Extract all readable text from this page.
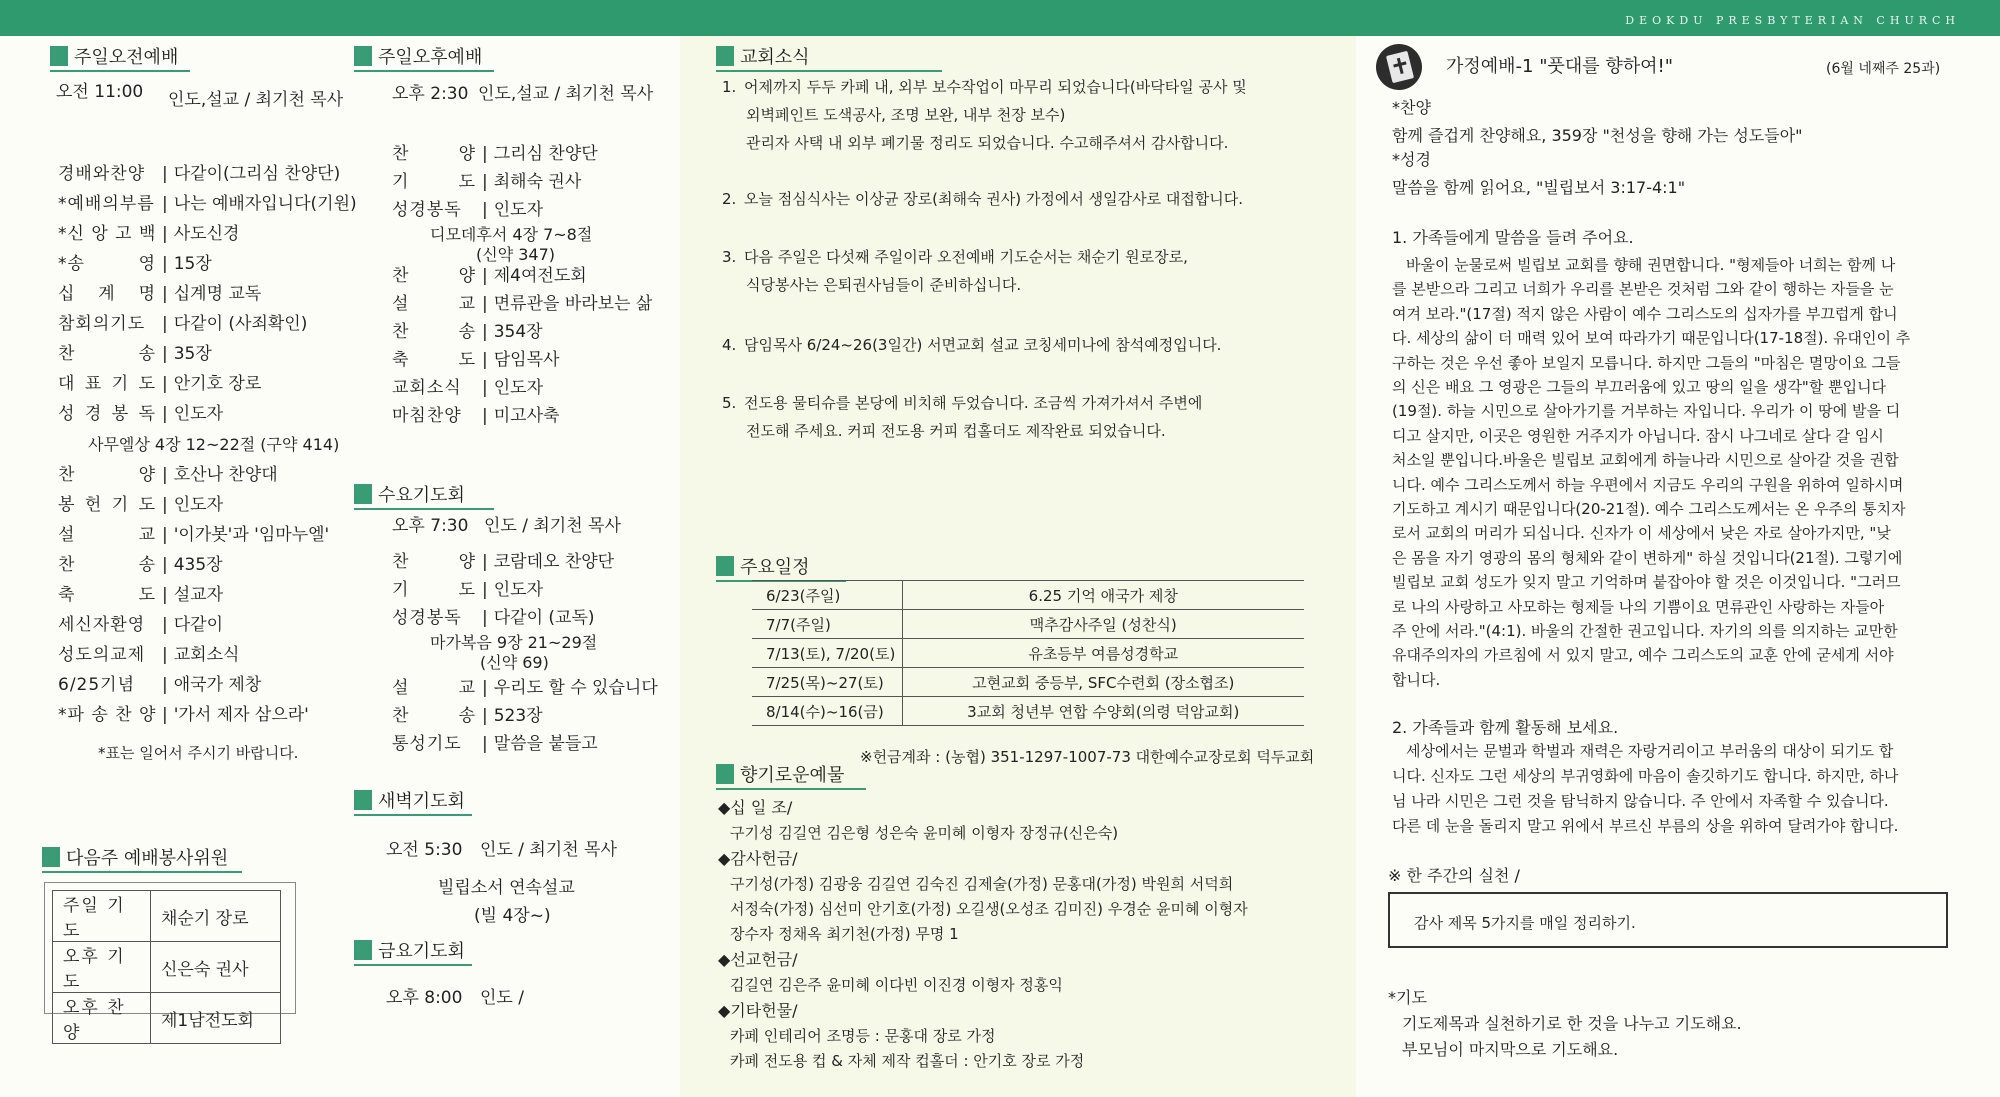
DEOKDU PRESBYTERIAN CHURCH
주일오전예배
오전 11:00 인도,설교 / 최기천 목사
경배와찬양 | 다같이(그리심 찬양단)
*예배의부름 | 나는 예배자입니다(기원)
*신 앙 고 백 | 사도신경
*송 영 | 15장
십 계 명 | 십계명 교독
참회의기도 | 다같이 (사죄확인)
찬 송 | 35장
대 표 기 도 | 안기호 장로
성 경 봉 독 | 인도자
사무엘상 4장 12~22절 (구약 414)
찬 양 | 호산나 찬양대
봉 헌 기 도 | 인도자
설 교 | '이가봇'과 '임마누엘'
찬 송 | 435장
축 도 | 설교자
세신자환영 | 다같이
성도의교제 | 교회소식
6/25기념	| 애국가 제창
*파 송 찬 양 | '가서 제자 삼으라'
*표는 일어서 주시기 바랍니다.
주일오후예배
오후 2:30 인도,설교 / 최기천 목사
찬 양 | 그리심 찬양단
기 도 | 최해숙 권사
성경봉독	| 인도자
디모데후서 4장 7~8절
(신약 347)
찬 양 | 제4여전도회
설 교 | 면류관을 바라보는 삶
찬 송 | 354장
축 도 | 담임목사
교회소식	| 인도자
마침찬양	| 미고사축
수요기도회
오후 7:30 인도 / 최기천 목사
찬 양 | 코람데오 찬양단
기 도 | 인도자
성경봉독	| 다같이 (교독)
마가복음 9장 21~29절
(신약 69)
설 교 | 우리도 할 수 있습니다
찬 송 | 523장
통성기도	| 말씀을 붙들고
새벽기도회
오전 5:30 인도 / 최기천 목사
빌립소서 연속설교
(빌 4장~)
금요기도회
오후 8:00 인도 /
다음주 예배봉사위원
주일 기도	채순기 장로
오후 기도	신은숙 권사
오후 찬양	제1남전도회
교회소식
1. 어제까지 두두 카페 내, 외부 보수작업이 마무리 되었습니다(바닥타일 공사 및
외벽페인트 도색공사, 조명 보완, 내부 천장 보수)
관리자 사택 내 외부 폐기물 정리도 되었습니다. 수고해주셔서 감사합니다.
2. 오늘 점심식사는 이상균 장로(최해숙 권사) 가정에서 생일감사로 대접합니다.
3. 다음 주일은 다섯째 주일이라 오전예배 기도순서는 채순기 원로장로,
식당봉사는 은퇴권사님들이 준비하십니다.
4. 담임목사 6/24~26(3일간) 서면교회 설교 코칭세미나에 참석예정입니다.
5. 전도용 물티슈를 본당에 비치해 두었습니다. 조금씩 가져가셔서 주변에
전도해 주세요. 커피 전도용 커피 컵홀더도 제작완료 되었습니다.
주요일정
6/23(주일)	6.25 기억 애국가 제창
7/7(주일)	맥추감사주일 (성찬식)
7/13(토), 7/20(토)	유초등부 여름성경학교
7/25(목)~27(토)	고현교회 중등부, SFC수련회 (장소협조)
8/14(수)~16(금)	3교회 청년부 연합 수양회(의령 덕암교회)
※헌금계좌 : (농협) 351-1297-1007-73 대한예수교장로회 덕두교회
향기로운예물
◆십 일 조/
구기성 김길연 김은형 성은숙 윤미혜 이형자 장정규(신은숙)
◆감사헌금/
구기성(가정) 김광웅 김길연 김숙진 김제술(가정) 문홍대(가정) 박원희 서덕희
서정숙(가정) 심선미 안기호(가정) 오길생(오성조 김미진) 우경순 윤미혜 이형자
장수자 정채옥 최기천(가정) 무명 1
◆선교헌금/
김길연 김은주 윤미혜 이다빈 이진경 이형자 정홍익
◆기타헌물/
카페 인테리어 조명등 : 문홍대 장로 가정
카페 전도용 컵 & 자체 제작 컵홀더 : 안기호 장로 가정
가정예배-1 "풋대를 향하여!"	(6월 네째주 25과)
*찬양
함께 즐겁게 찬양해요, 359장 "천성을 향해 가는 성도들아"
*성경
말씀을 함께 읽어요, "빌립보서 3:17-4:1"
1. 가족들에게 말씀을 들려 주어요.
바울이 눈물로써 빌립보 교회를 향해 권면합니다. "형제들아 너희는 함께 나
를 본받으라 그리고 너희가 우리를 본받은 것처럼 그와 같이 행하는 자들을 눈
여겨 보라."(17절) 적지 않은 사람이 예수 그리스도의 십자가를 부끄럽게 합니
다. 세상의 삶이 더 매력 있어 보여 따라가기 때문입니다(17-18절). 유대인이 추
구하는 것은 우선 좋아 보일지 모릅니다. 하지만 그들의 "마침은 멸망이요 그들
의 신은 배요 그 영광은 그들의 부끄러움에 있고 땅의 일을 생각"할 뿐입니다
(19절). 하늘 시민으로 살아가기를 거부하는 자입니다. 우리가 이 땅에 발을 디
디고 살지만, 이곳은 영원한 거주지가 아닙니다. 잠시 나그네로 살다 갈 임시
처소일 뿐입니다.바울은 빌립보 교회에게 하늘나라 시민으로 살아갈 것을 권합
니다. 예수 그리스도께서 하늘 우편에서 지금도 우리의 구원을 위하여 일하시며
기도하고 계시기 때문입니다(20-21절). 예수 그리스도께서는 온 우주의 통치자
로서 교회의 머리가 되십니다. 신자가 이 세상에서 낮은 자로 살아가지만, "낮
은 몸을 자기 영광의 몸의 형체와 같이 변하게" 하실 것입니다(21절). 그렇기에
빌립보 교회 성도가 잊지 말고 기억하며 붙잡아야 할 것은 이것입니다. "그러므
로 나의 사랑하고 사모하는 형제들 나의 기쁨이요 면류관인 사랑하는 자들아
주 안에 서라."(4:1). 바울의 간절한 권고입니다. 자기의 의를 의지하는 교만한
유대주의자의 가르침에 서 있지 말고, 예수 그리스도의 교훈 안에 굳세게 서야
합니다.
2. 가족들과 함께 활동해 보세요.
세상에서는 문벌과 학벌과 재력은 자랑거리이고 부러움의 대상이 되기도 합
니다. 신자도 그런 세상의 부귀영화에 마음이 솔깃하기도 합니다. 하지만, 하나
님 나라 시민은 그런 것을 탐닉하지 않습니다. 주 안에서 자족할 수 있습니다.
다른 데 눈을 돌리지 말고 위에서 부르신 부름의 상을 위하여 달려가야 합니다.
※ 한 주간의 실천 /
감사 제목 5가지를 매일 정리하기.
*기도
기도제목과 실천하기로 한 것을 나누고 기도해요.
부모님이 마지막으로 기도해요.
